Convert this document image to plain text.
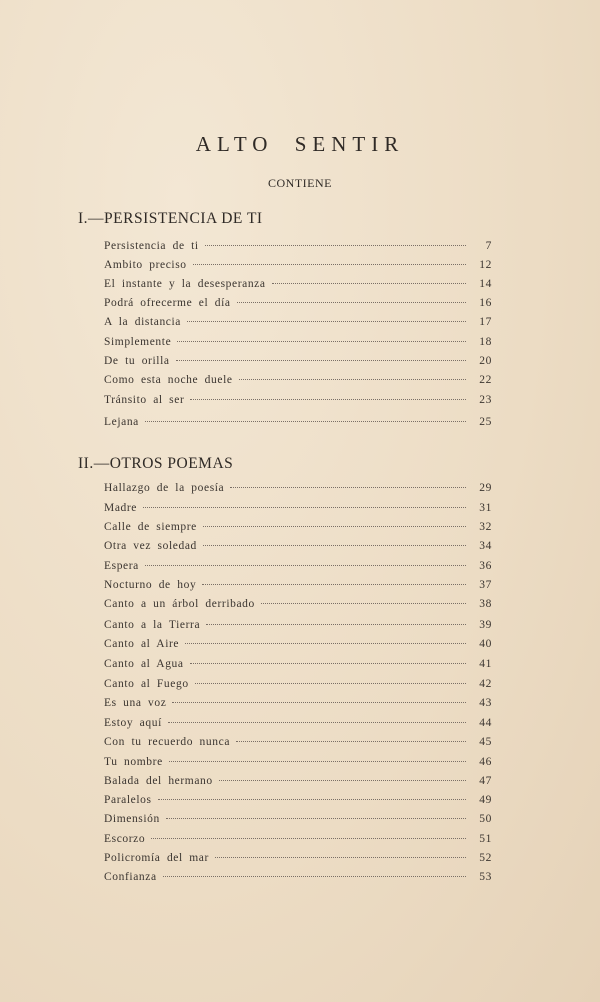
ALTO SENTIR
CONTIENE
I.—PERSISTENCIA DE TI
Persistencia de ti	7
Ambito preciso	12
El instante y la desesperanza	14
Podrá ofrecerme el día	16
A la distancia	17
Simplemente	18
De tu orilla	20
Como esta noche duele	22
Tránsito al ser	23
Lejana	25
II.—OTROS POEMAS
Hallazgo de la poesía	29
Madre	31
Calle de siempre	32
Otra vez soledad	34
Espera	36
Nocturno de hoy	37
Canto a un árbol derribado	38
Canto a la Tierra	39
Canto al Aire	40
Canto al Agua	41
Canto al Fuego	42
Es una voz	43
Estoy aquí	44
Con tu recuerdo nunca	45
Tu nombre	46
Balada del hermano	47
Paralelos	49
Dimensión	50
Escorzo	51
Policromía del mar	52
Confianza	53
